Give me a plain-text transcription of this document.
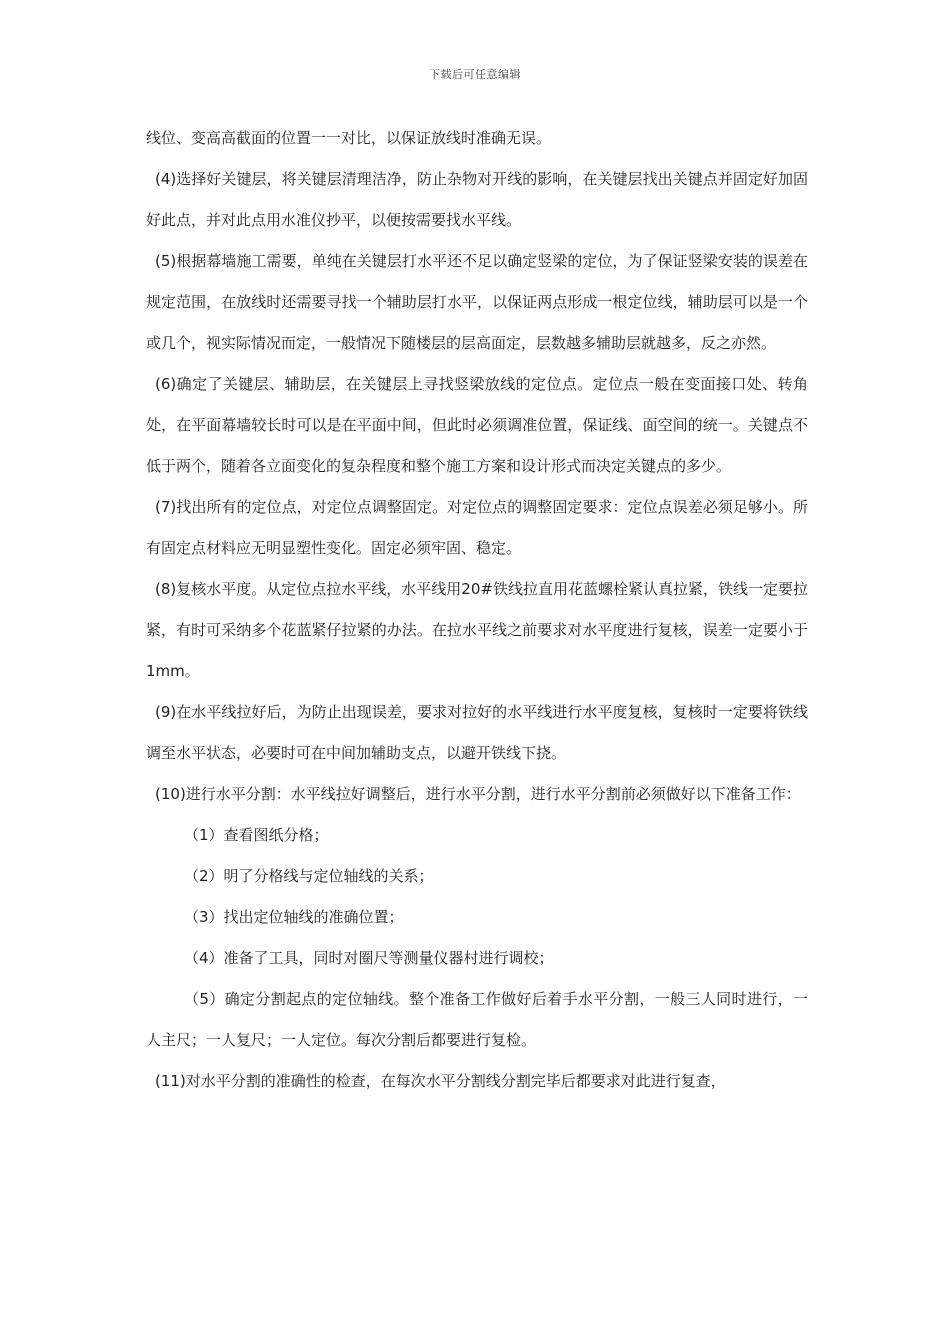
下载后可任意编辑

线位、变高高截面的位置一一对比，以保证放线时准确无误。

(4)选择好关键层，将关键层清理洁净，防止杂物对开线的影响，在关键层找出关键点并固定好加固好此点，并对此点用水准仪抄平，以便按需要找水平线。

(5)根据幕墙施工需要，单纯在关键层打水平还不足以确定竖梁的定位，为了保证竖梁安装的误差在规定范围，在放线时还需要寻找一个辅助层打水平，以保证两点形成一根定位线，辅助层可以是一个或几个，视实际情况而定，一般情况下随楼层的层高面定，层数越多辅助层就越多，反之亦然。

(6)确定了关键层、辅助层，在关键层上寻找竖梁放线的定位点。定位点一般在变面接口处、转角处，在平面幕墙较长时可以是在平面中间，但此时必须调准位置，保证线、面空间的统一。关键点不低于两个，随着各立面变化的复杂程度和整个施工方案和设计形式而决定关键点的多少。

(7)找出所有的定位点，对定位点调整固定。对定位点的调整固定要求：定位点误差必须足够小。所有固定点材料应无明显塑性变化。固定必须牢固、稳定。

(8)复核水平度。从定位点拉水平线，水平线用20#铁线拉直用花蓝螺栓紧认真拉紧，铁线一定要拉紧，有时可采纳多个花蓝紧仔拉紧的办法。在拉水平线之前要求对水平度进行复核，误差一定要小于1mm。

(9)在水平线拉好后，为防止出现误差，要求对拉好的水平线进行水平度复核，复核时一定要将铁线调至水平状态，必要时可在中间加辅助支点，以避开铁线下挠。

(10)进行水平分割：水平线拉好调整后，进行水平分割，进行水平分割前必须做好以下准备工作：

（1）查看图纸分格；

（2）明了分格线与定位轴线的关系；

（3）找出定位轴线的准确位置；

（4）准备了工具，同时对圈尺等测量仪器村进行调校；

（5）确定分割起点的定位轴线。整个准备工作做好后着手水平分割，一般三人同时进行，一人主尺；一人复尺；一人定位。每次分割后都要进行复检。

(11)对水平分割的准确性的检查，在每次水平分割线分割完毕后都要求对此进行复查，
